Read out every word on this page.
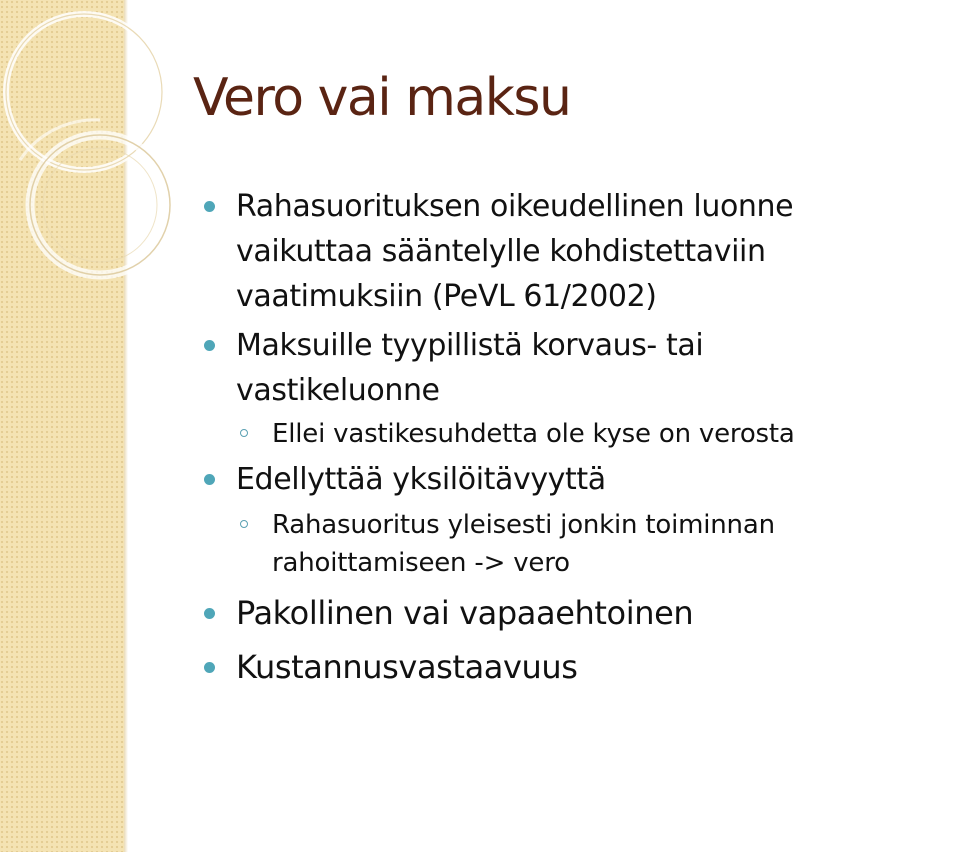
Vero vai maksu
Rahasuorituksen oikeudellinen luonne
vaikuttaa sääntelylle kohdistettaviin
vaatimuksiin (PeVL 61/2002)
Maksuille tyypillistä korvaus- tai
vastikeluonne
Ellei vastikesuhdetta ole kyse on verosta
Edellyttää yksilöitävyyttä
Rahasuoritus yleisesti jonkin toiminnan
rahoittamiseen -> vero
Pakollinen vai vapaaehtoinen
Kustannusvastaavuus
